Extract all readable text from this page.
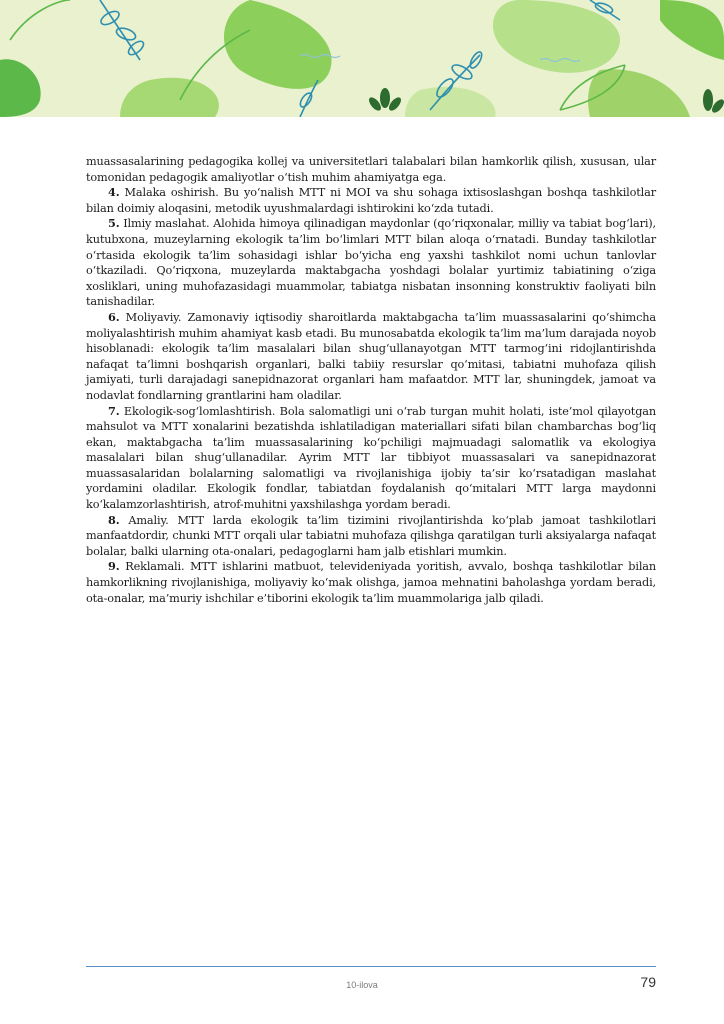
muassasalarining pedagogika kollej va universitetlari talabalari bilan hamkorlik qilish, xususan, ular tomonidan pedagogik amaliyotlar o‘tish muhim ahamiyatga ega.

4. Malaka oshirish. Bu yo‘nalish MTT ni MOI va shu sohaga ixtisoslashgan boshqa tashkilotlar bilan doimiy aloqasini, metodik uyushmalardagi ishtirokini ko‘zda tutadi.

5. Ilmiy maslahat. Alohida himoya qilinadigan maydonlar (qo‘riqxonalar, milliy va tabiat bog‘lari), kutubxona, muzeylarning ekologik ta’lim bo‘limlari MTT bilan aloqa o‘rnatadi. Bunday tashkilotlar o‘rtasida ekologik ta’lim sohasidagi ishlar bo‘yicha eng yaxshi tashkilot nomi uchun tanlovlar o‘tkaziladi. Qo‘riqxona, muzeylarda maktabgacha yoshdagi bolalar yurtimiz tabiatining o‘ziga xosliklari, uning muhofazasidagi muammolar, tabiatga nisbatan insonning konstruktiv faoliyati biln tanishadilar.

6. Moliyaviy. Zamonaviy iqtisodiy sharoitlarda maktabgacha ta’lim muassasalarini qo‘shimcha moliyalashtirish muhim ahamiyat kasb etadi. Bu munosabatda ekologik ta’lim ma’lum darajada noyob hisoblanadi: ekologik ta’lim masalalari bilan shug‘ullanayotgan MTT tarmog‘ini ridojlantirishda nafaqat ta’limni boshqarish organlari, balki tabiiy resurslar qo‘mitasi, tabiatni muhofaza qilish jamiyati, turli darajadagi sanepidnazorat organlari ham mafaatdor. MTT lar, shuningdek, jamoat va nodavlat fondlarning grantlarini ham oladilar.

7. Ekologik-sog‘lomlashtirish. Bola salomatligi uni o‘rab turgan muhit holati, iste’mol qilayotgan mahsulot va MTT xonalarini bezatishda ishlatiladigan materiallari sifati bilan chambarchas bog‘liq ekan, maktabgacha ta’lim muassasalarining ko‘pchiligi majmuadagi salomatlik va ekologiya masalalari bilan shug‘ullanadilar. Ayrim MTT lar tibbiyot muassasalari va sanepidnazorat muassasalaridan bolalarning salomatligi va rivojlanishiga ijobiy ta’sir ko‘rsatadigan maslahat yordamini oladilar. Ekologik fondlar, tabiatdan foydalanish qo‘mitalari MTT larga maydonni ko‘kalamzorlashtirish, atrof-muhitni yaxshilashga yordam beradi.

8. Amaliy. MTT larda ekologik ta’lim tizimini rivojlantirishda ko‘plab jamoat tashkilotlari manfaatdordir, chunki MTT orqali ular tabiatni muhofaza qilishga qaratilgan turli aksiyalarga nafaqat bolalar, balki ularning ota-onalari, pedagoglarni ham jalb etishlari mumkin.

9. Reklamali. MTT ishlarini matbuot, televideniyada yoritish, avvalo, boshqa tashkilotlar bilan hamkorlikning rivojlanishiga, moliyaviy ko‘mak olishga, jamoa mehnatini baholashga yordam beradi, ota-onalar, ma’muriy ishchilar e’tiborini ekologik ta’lim muammolariga jalb qiladi.

10-ilova	79
